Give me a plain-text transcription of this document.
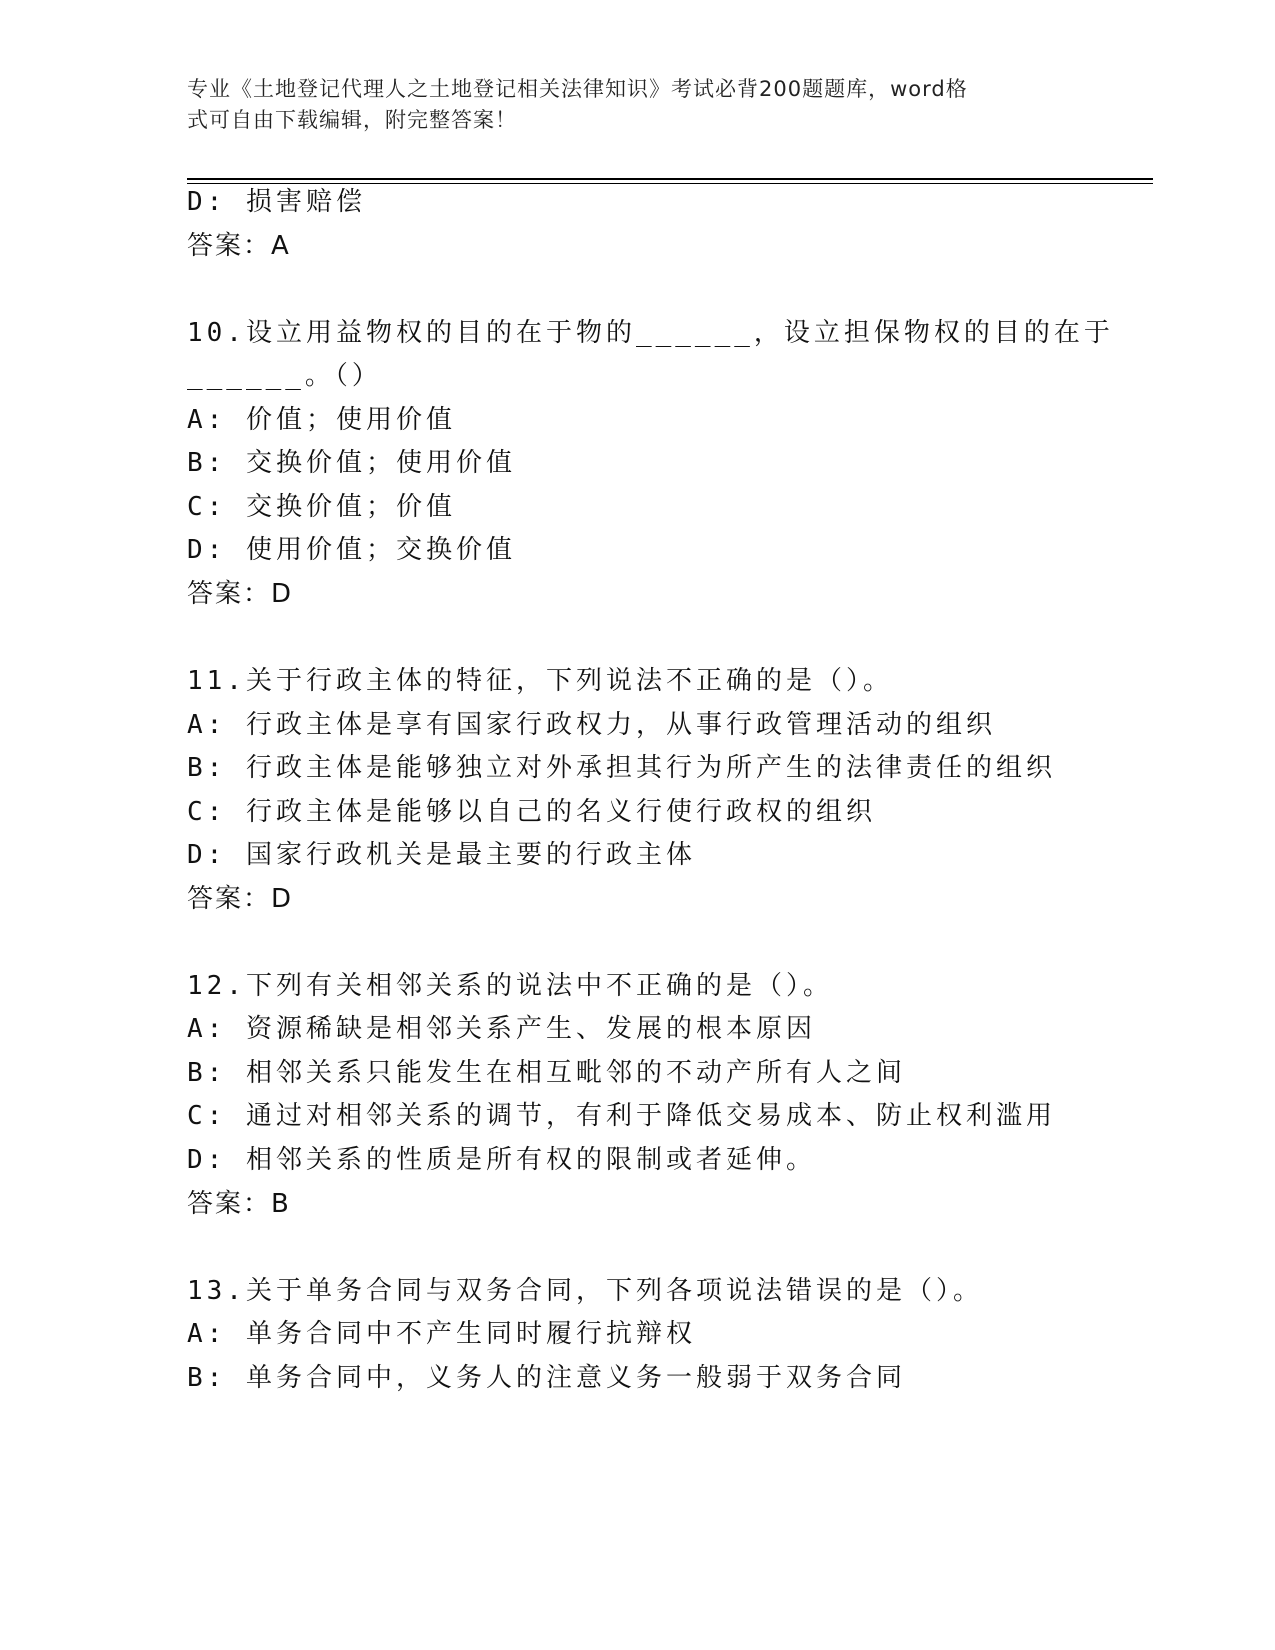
专业《土地登记代理人之土地登记相关法律知识》考试必背200题题库，word格
式可自由下载编辑，附完整答案！
D: 损害赔偿
答案：A
10.设立用益物权的目的在于物的______，设立担保物权的目的在于
______。（）
A: 价值；使用价值
B: 交换价值；使用价值
C: 交换价值；价值
D: 使用价值；交换价值
答案：D
11.关于行政主体的特征，下列说法不正确的是（）。
A: 行政主体是享有国家行政权力，从事行政管理活动的组织
B: 行政主体是能够独立对外承担其行为所产生的法律责任的组织
C: 行政主体是能够以自己的名义行使行政权的组织
D: 国家行政机关是最主要的行政主体
答案：D
12.下列有关相邻关系的说法中不正确的是（）。
A: 资源稀缺是相邻关系产生、发展的根本原因
B: 相邻关系只能发生在相互毗邻的不动产所有人之间
C: 通过对相邻关系的调节，有利于降低交易成本、防止权利滥用
D: 相邻关系的性质是所有权的限制或者延伸。
答案：B
13.关于单务合同与双务合同，下列各项说法错误的是（）。
A: 单务合同中不产生同时履行抗辩权
B: 单务合同中，义务人的注意义务一般弱于双务合同
